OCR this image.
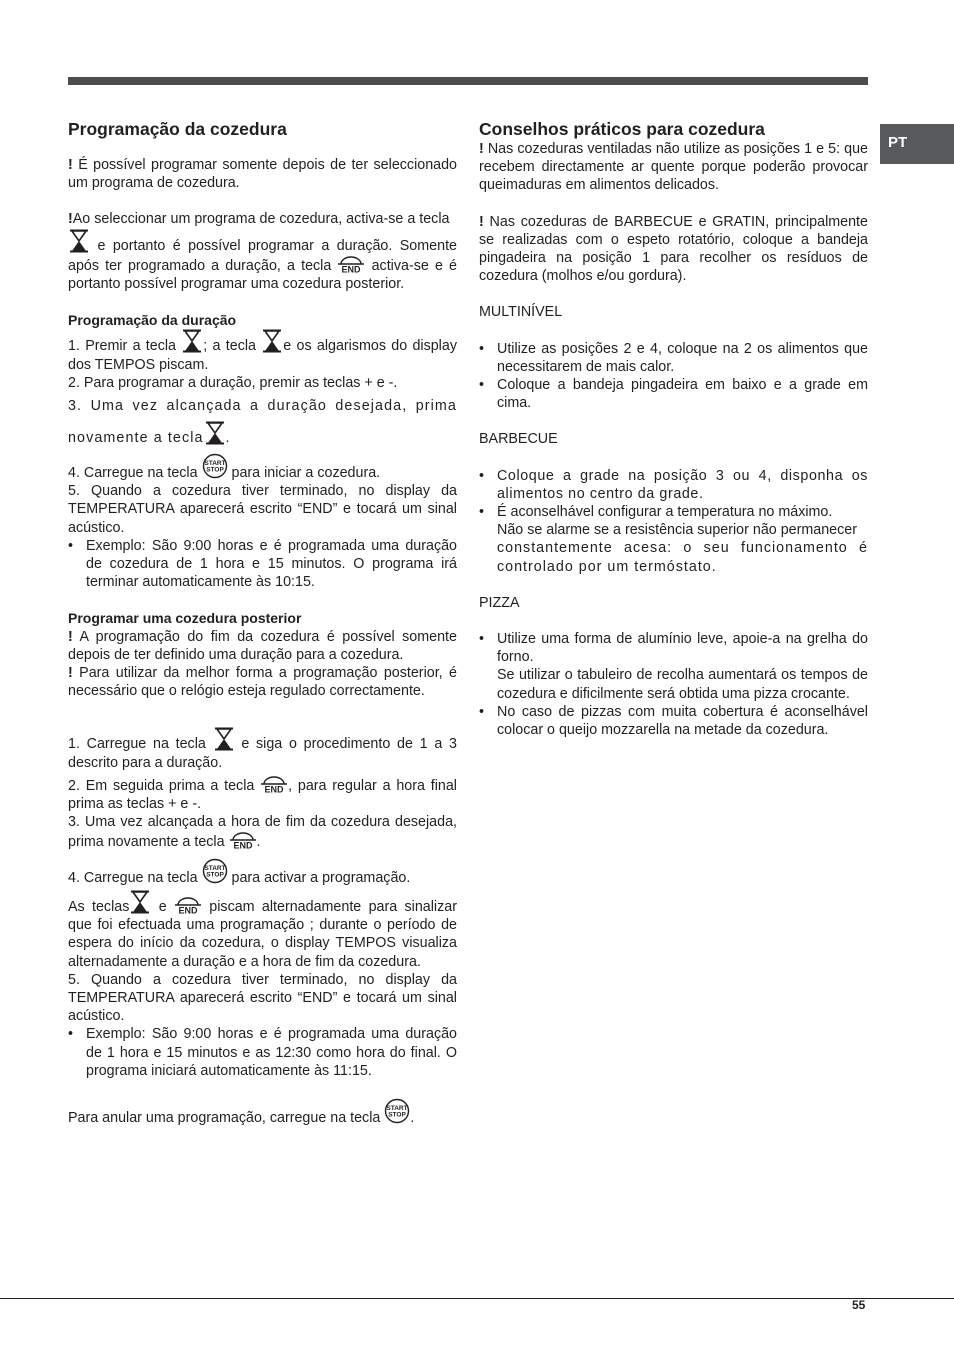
PT
Programação da cozedura

! É possível programar somente depois de ter seleccionado um programa de cozedura.

!Ao seleccionar um programa de cozedura, activa-se a tecla
e portanto é possível programar a duração. Somente após ter programado a duração, a tecla END activa-se e é portanto possível programar uma cozedura posterior.

Programação da duração

1. Premir a tecla ; a tecla e os algarismos do display dos TEMPOS piscam.

2. Para programar a duração, premir as teclas + e -.

3. Uma vez alcançada a duração desejada, prima novamente a tecla .

4. Carregue na tecla
START
STOP para iniciar a cozedura.

5. Quando a cozedura tiver terminado, no display da TEMPERATURA aparecerá escrito “END” e tocará um sinal acústico.

• Exemplo: São 9:00 horas e é programada uma duração de cozedura de 1 hora e 15 minutos. O programa irá terminar automaticamente às 10:15.
Programar uma cozedura posterior

! A programação do fim da cozedura é possível somente depois de ter definido uma duração para a cozedura.

! Para utilizar da melhor forma a programação posterior, é necessário que o relógio esteja regulado correctamente.

1. Carregue na tecla e siga o procedimento de 1 a 3 descrito para a duração.

2. Em seguida prima a tecla END , para regular a hora final prima as teclas + e -.

3. Uma vez alcançada a hora de fim da cozedura desejada, prima novamente a tecla END .

4. Carregue na tecla
START
STOP para activar a programação.

As teclas e END piscam alternadamente para sinalizar que foi efectuada uma programação ; durante o período de espera do início da cozedura, o display TEMPOS visualiza alternadamente a duração e a hora de fim da cozedura.

5. Quando a cozedura tiver terminado, no display da TEMPERATURA aparecerá escrito “END” e tocará um sinal acústico.

• Exemplo: São 9:00 horas e é programada uma duração de 1 hora e 15 minutos e as 12:30 como hora do final. O programa iniciará automaticamente às 11:15.

Para anular uma programação, carregue na tecla
START
STOP .

Conselhos práticos para cozedura

! Nas cozeduras ventiladas não utilize as posições 1 e 5: que recebem directamente ar quente porque poderão provocar queimaduras em alimentos delicados.

! Nas cozeduras de BARBECUE e GRATIN, principalmente se realizadas com o espeto rotatório, coloque a bandeja pingadeira na posição 1 para recolher os resíduos de cozedura (molhos e/ou gordura).

MULTINÍVEL

• Utilize as posições 2 e 4, coloque na 2 os alimentos que necessitarem de mais calor.
• Coloque a bandeja pingadeira em baixo e a grade em cima.

BARBECUE

• Coloque a grade na posição 3 ou 4, disponha os alimentos no centro da grade.
• É aconselhável configurar a temperatura no máximo.
Não se alarme se a resistência superior não permanecer
constantemente acesa: o seu funcionamento é controlado por um termóstato.

PIZZA

• Utilize uma forma de alumínio leve, apoie-a na grelha do forno.
Se utilizar o tabuleiro de recolha aumentará os tempos de cozedura e dificilmente será obtida uma pizza crocante.
• No caso de pizzas com muita cobertura é aconselhável colocar o queijo mozzarella na metade da cozedura.
55
